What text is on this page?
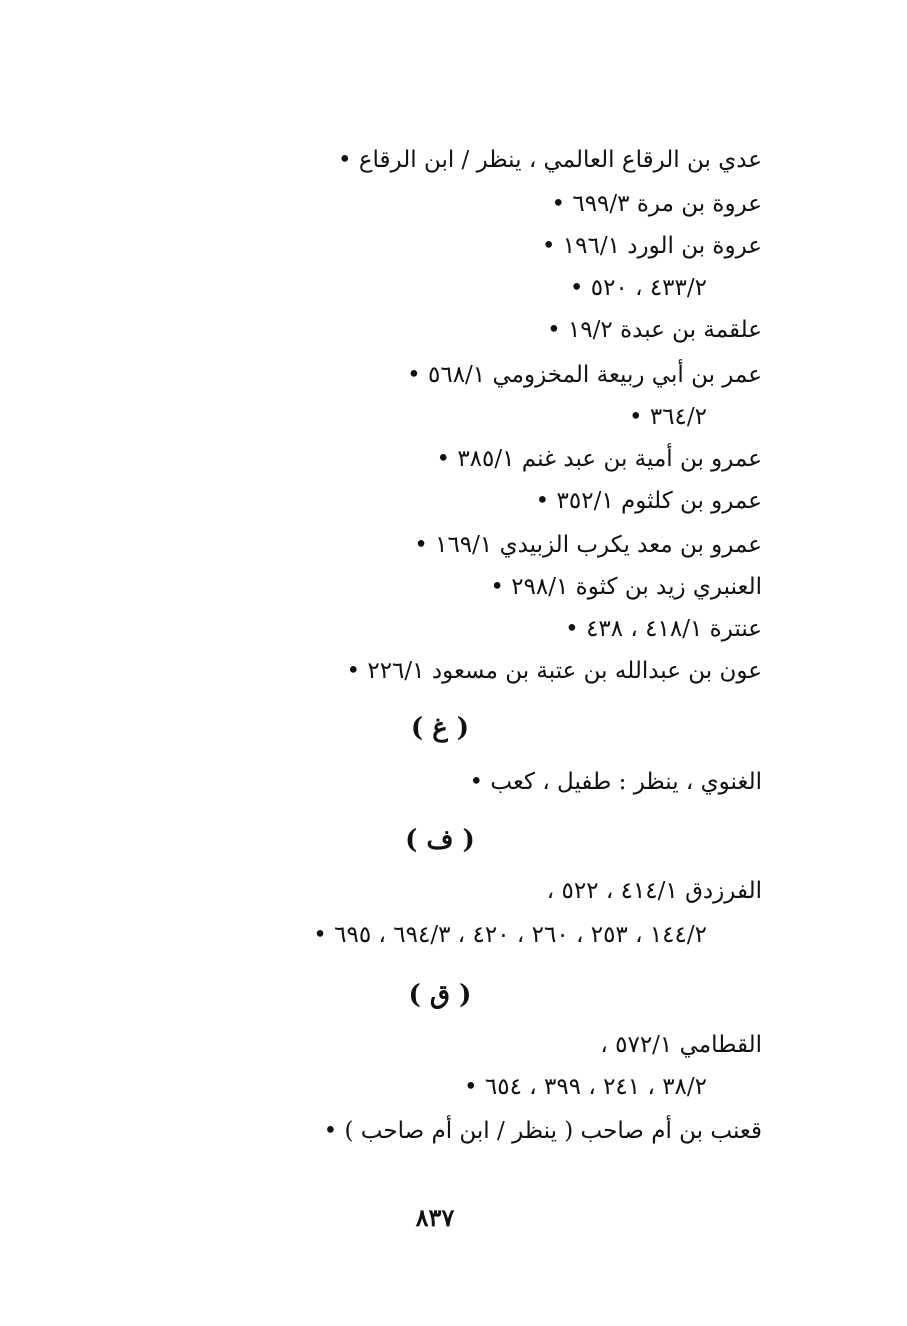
عدي بن الرقاع العالمي ، ينظر / ابن الرقاع •
عروة بن مرة ٦٩٩/٣ •
عروة بن الورد ١٩٦/١ •
٤٣٣/٢ ، ٥٢٠ •
علقمة بن عبدة ١٩/٢ •
عمر بن أبي ربيعة المخزومي ٥٦٨/١ •
٣٦٤/٢ •
عمرو بن أمية بن عبد غنم ٣٨٥/١ •
عمرو بن كلثوم ٣٥٢/١ •
عمرو بن معد يكرب الزبيدي ١٦٩/١ •
العنبري زيد بن كثوة ٢٩٨/١ •
عنترة ٤١٨/١ ، ٤٣٨ •
عون بن عبدالله بن عتبة بن مسعود ٢٢٦/١ •
( غ )
الغنوي ، ينظر : طفيل ، كعب •
( ف )
الفرزدق ٤١٤/١ ، ٥٢٢ ،
١٤٤/٢ ، ٢٥٣ ، ٢٦٠ ، ٤٢٠ ، ٦٩٤/٣ ، ٦٩٥ •
( ق )
القطامي ٥٧٢/١ ،
٣٨/٢ ، ٢٤١ ، ٣٩٩ ، ٦٥٤ •
قعنب بن أم صاحب ( ينظر / ابن أم صاحب ) •
٨٣٧
